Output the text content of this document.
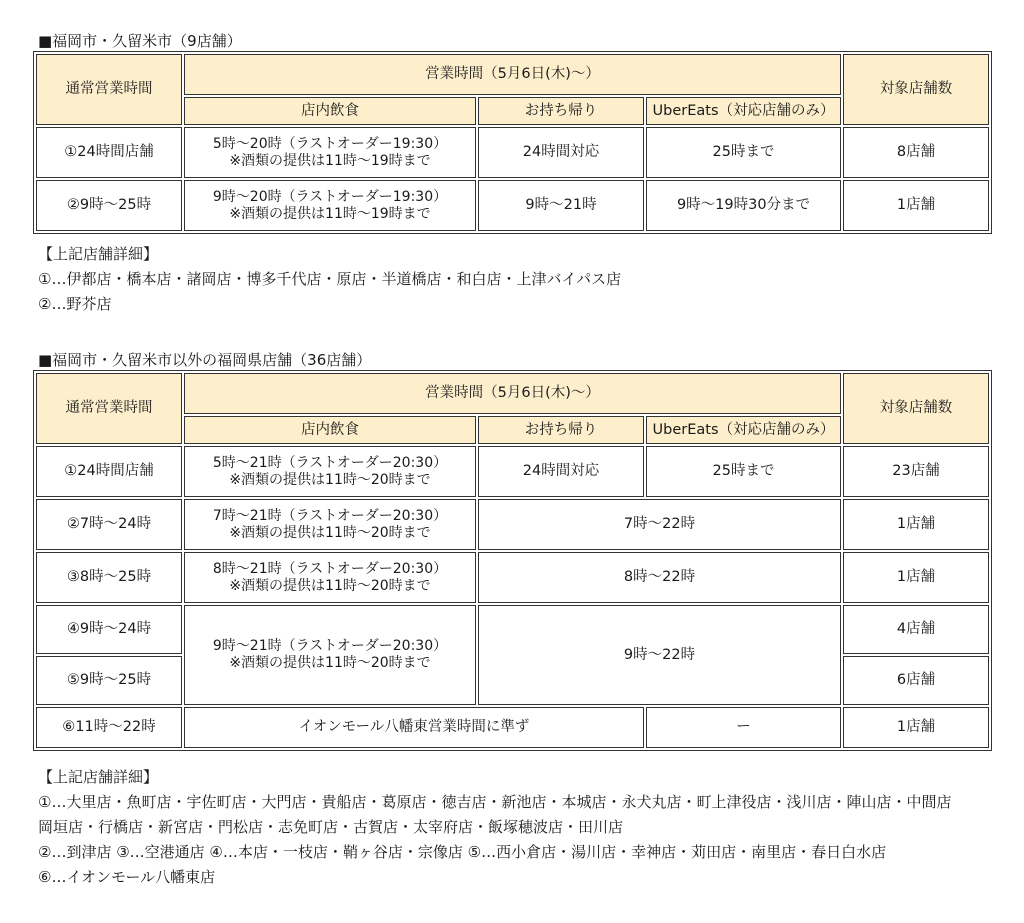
■福岡市・久留米市（9店舗）
通常営業時間	営業時間（5月6日(木)～）			対象店舗数
	店内飲食	お持ち帰り	UberEats（対応店舗のみ）	
①24時間店舗	5時～20時（ラストオーダー19:30）
※酒類の提供は11時～19時まで	24時間対応	25時まで	8店舗
②9時～25時	9時～20時（ラストオーダー19:30）
※酒類の提供は11時～19時まで	9時～21時	9時～19時30分まで	1店舗
【上記店舗詳細】
①…伊都店・橋本店・諸岡店・博多千代店・原店・半道橋店・和白店・上津バイパス店
②…野芥店
■福岡市・久留米市以外の福岡県店舗（36店舗）
通常営業時間	営業時間（5月6日(木)～）			対象店舗数
	店内飲食	お持ち帰り	UberEats（対応店舗のみ）	
①24時間店舗	5時～21時（ラストオーダー20:30）
※酒類の提供は11時～20時まで	24時間対応	25時まで	23店舗
②7時～24時	7時～21時（ラストオーダー20:30）
※酒類の提供は11時～20時まで	7時～22時		1店舗
③8時～25時	8時～21時（ラストオーダー20:30）
※酒類の提供は11時～20時まで	8時～22時		1店舗
④9時～24時	9時～21時（ラストオーダー20:30）
※酒類の提供は11時～20時まで	9時～22時		4店舗
⑤9時～25時				6店舗
⑥11時～22時	イオンモール八幡東営業時間に準ず		ー	1店舗
【上記店舗詳細】
①…大里店・魚町店・宇佐町店・大門店・貴船店・葛原店・徳吉店・新池店・本城店・永犬丸店・町上津役店・浅川店・陣山店・中間店
岡垣店・行橋店・新宮店・門松店・志免町店・古賀店・太宰府店・飯塚穂波店・田川店
②…到津店 ③…空港通店 ④…本店・一枝店・鞘ヶ谷店・宗像店 ⑤…西小倉店・湯川店・幸神店・苅田店・南里店・春日白水店
⑥…イオンモール八幡東店
